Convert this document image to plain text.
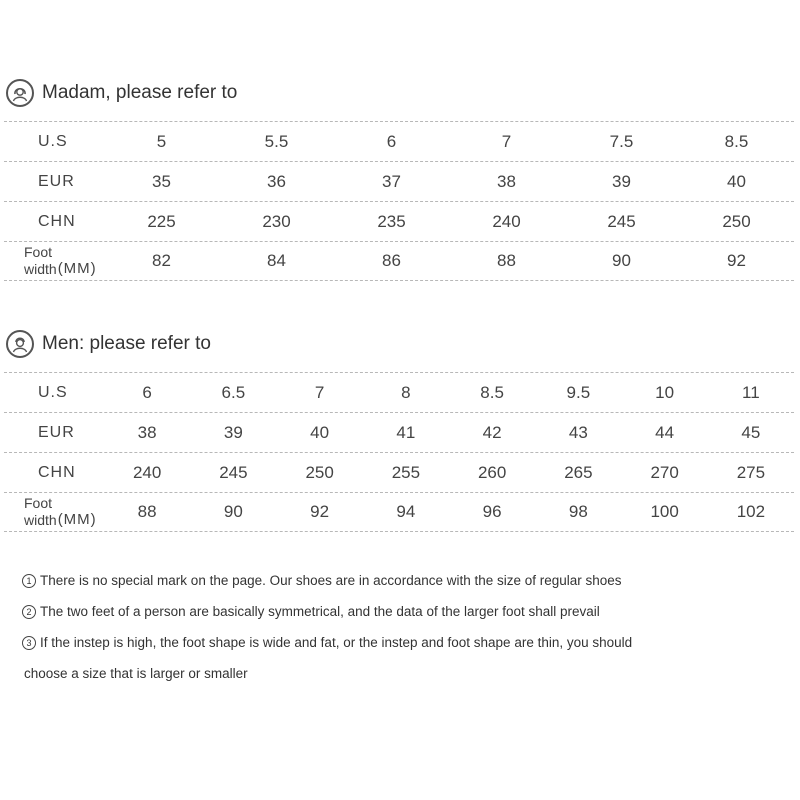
Madam, please refer to
U.S	5	5.5	6	7	7.5	8.5
EUR	35	36	37	38	39	40
CHN	225	230	235	240	245	250
Foot
width (MM)	82	84	86	88	90	92
Men: please refer to
U.S	6	6.5	7	8	8.5	9.5	10	11
EUR	38	39	40	41	42	43	44	45
CHN	240	245	250	255	260	265	270	275
Foot
width (MM)	88	90	92	94	96	98	100	102
1 There is no special mark on the page. Our shoes are in accordance with the size of regular shoes
2 The two feet of a person are basically symmetrical, and the data of the larger foot shall prevail
3 If the instep is high, the foot shape is wide and fat, or the instep and foot shape are thin, you should
choose a size that is larger or smaller
